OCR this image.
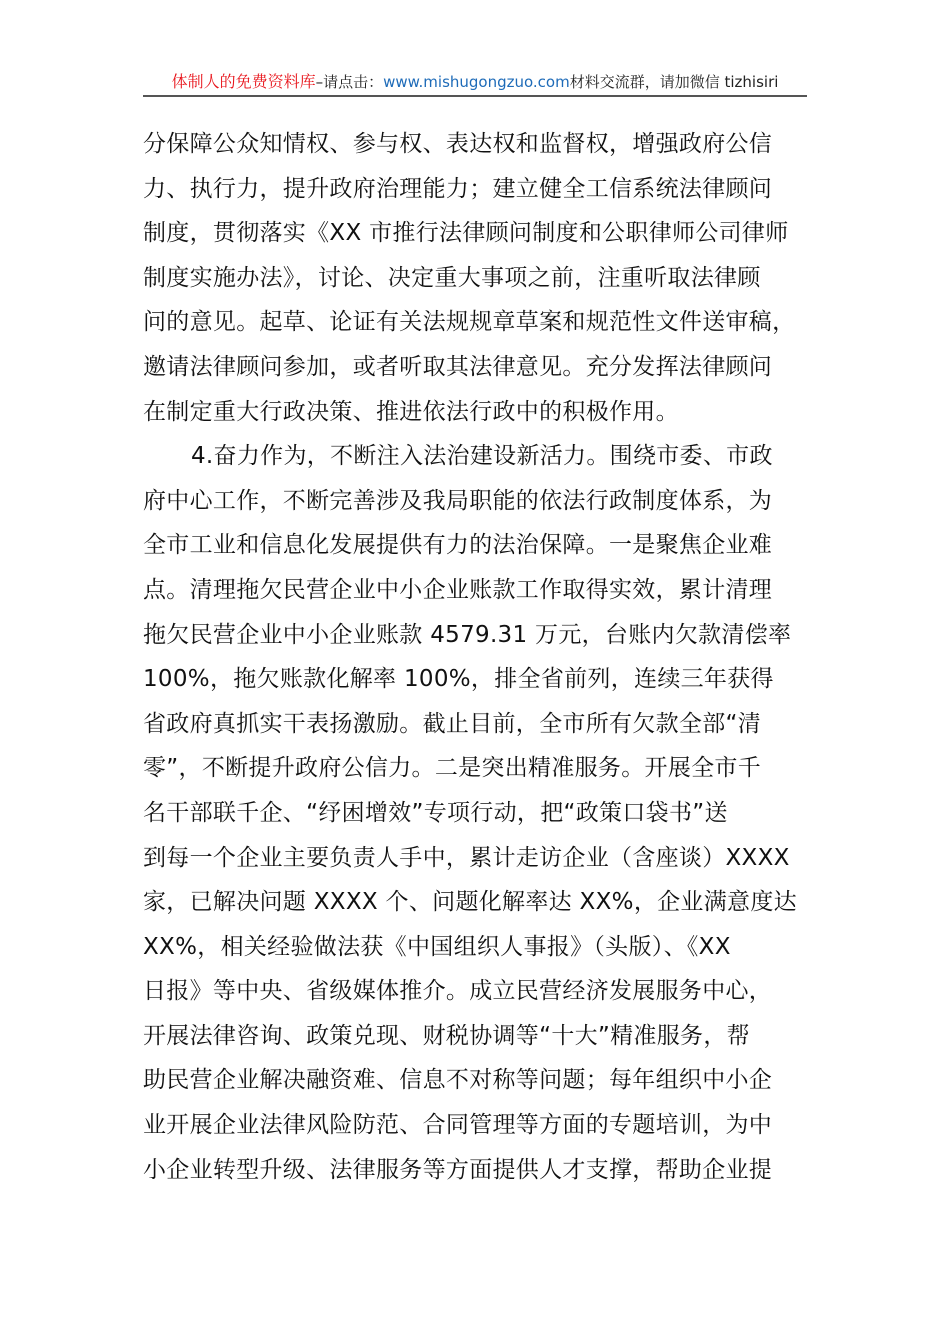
体制人的免费资料库 –请点击： www.mishugongzuo.com 材料交流群，请加微信 tizhisiri
分保障公众知情权、参与权、表达权和监督权，增强政府公信
力、执行力，提升政府治理能力；建立健全工信系统法律顾问
制度，贯彻落实《XX 市推行法律顾问制度和公职律师公司律师
制度实施办法》，讨论、决定重大事项之前，注重听取法律顾
问的意见。起草、论证有关法规规章草案和规范性文件送审稿，
邀请法律顾问参加，或者听取其法律意见。充分发挥法律顾问
在制定重大行政决策、推进依法行政中的积极作用。
4.奋力作为，不断注入法治建设新活力。围绕市委、市政
府中心工作，不断完善涉及我局职能的依法行政制度体系，为
全市工业和信息化发展提供有力的法治保障。一是聚焦企业难
点。清理拖欠民营企业中小企业账款工作取得实效，累计清理
拖欠民营企业中小企业账款 4579.31 万元，台账内欠款清偿率
100%，拖欠账款化解率 100%，排全省前列，连续三年获得
省政府真抓实干表扬激励。截止目前，全市所有欠款全部“清
零”，不断提升政府公信力。二是突出精准服务。开展全市千
名干部联千企、“纾困增效”专项行动，把“政策口袋书”送
到每一个企业主要负责人手中，累计走访企业（含座谈）XXXX
家，已解决问题 XXXX 个、问题化解率达 XX%，企业满意度达
XX%，相关经验做法获《中国组织人事报》（头版）、《XX
日报》等中央、省级媒体推介。成立民营经济发展服务中心，
开展法律咨询、政策兑现、财税协调等“十大”精准服务，帮
助民营企业解决融资难、信息不对称等问题；每年组织中小企
业开展企业法律风险防范、合同管理等方面的专题培训，为中
小企业转型升级、法律服务等方面提供人才支撑，帮助企业提
